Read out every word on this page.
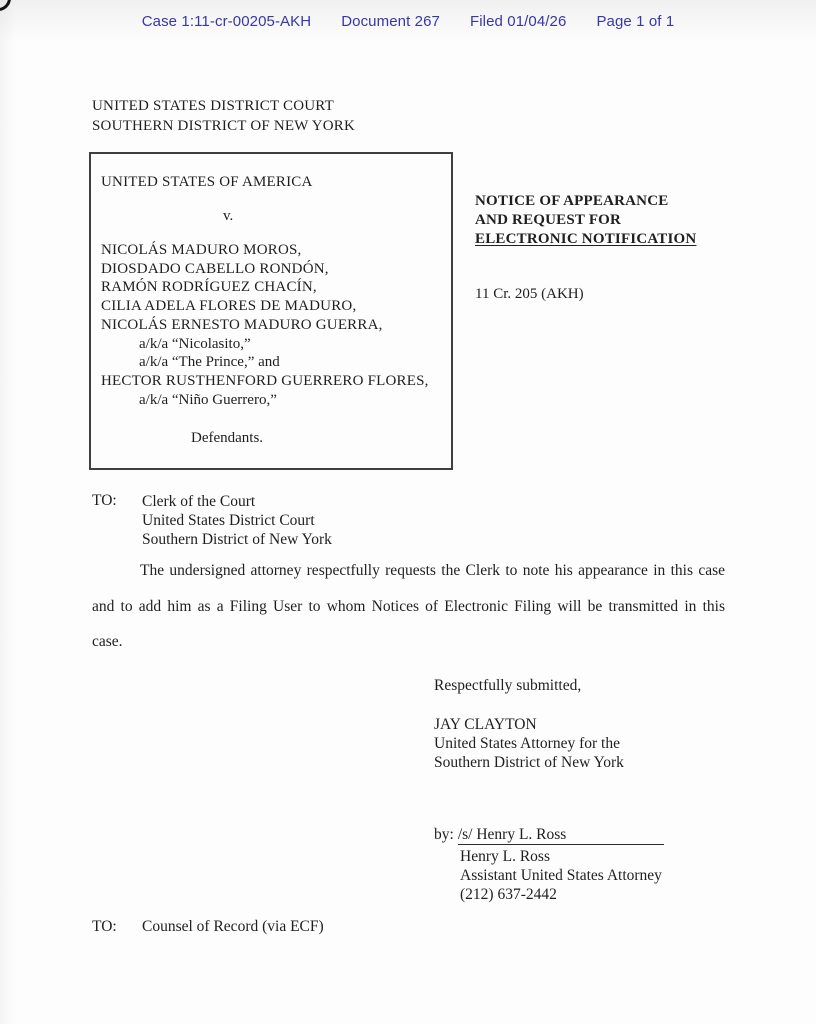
Case 1:11-cr-00205-AKH Document 267 Filed 01/04/26 Page 1 of 1
UNITED STATES DISTRICT COURT
SOUTHERN DISTRICT OF NEW YORK
UNITED STATES OF AMERICA
v.
NICOLÁS MADURO MOROS,
DIOSDADO CABELLO RONDÓN,
RAMÓN RODRÍGUEZ CHACÍN,
CILIA ADELA FLORES DE MADURO,
NICOLÁS ERNESTO MADURO GUERRA,
a/k/a “Nicolasito,”
a/k/a “The Prince,” and
HECTOR RUSTHENFORD GUERRERO FLORES,
a/k/a “Niño Guerrero,”
Defendants.
NOTICE OF APPEARANCE
AND REQUEST FOR
ELECTRONIC NOTIFICATION
11 Cr. 205 (AKH)
TO:	Clerk of the Court
United States District Court
Southern District of New York
The undersigned attorney respectfully requests the Clerk to note his appearance in this case
and to add him as a Filing User to whom Notices of Electronic Filing will be transmitted in this
case.
Respectfully submitted,
JAY CLAYTON
United States Attorney for the
Southern District of New York
by: /s/ Henry L. Ross
Henry L. Ross
Assistant United States Attorney
(212) 637-2442
TO:	Counsel of Record (via ECF)
